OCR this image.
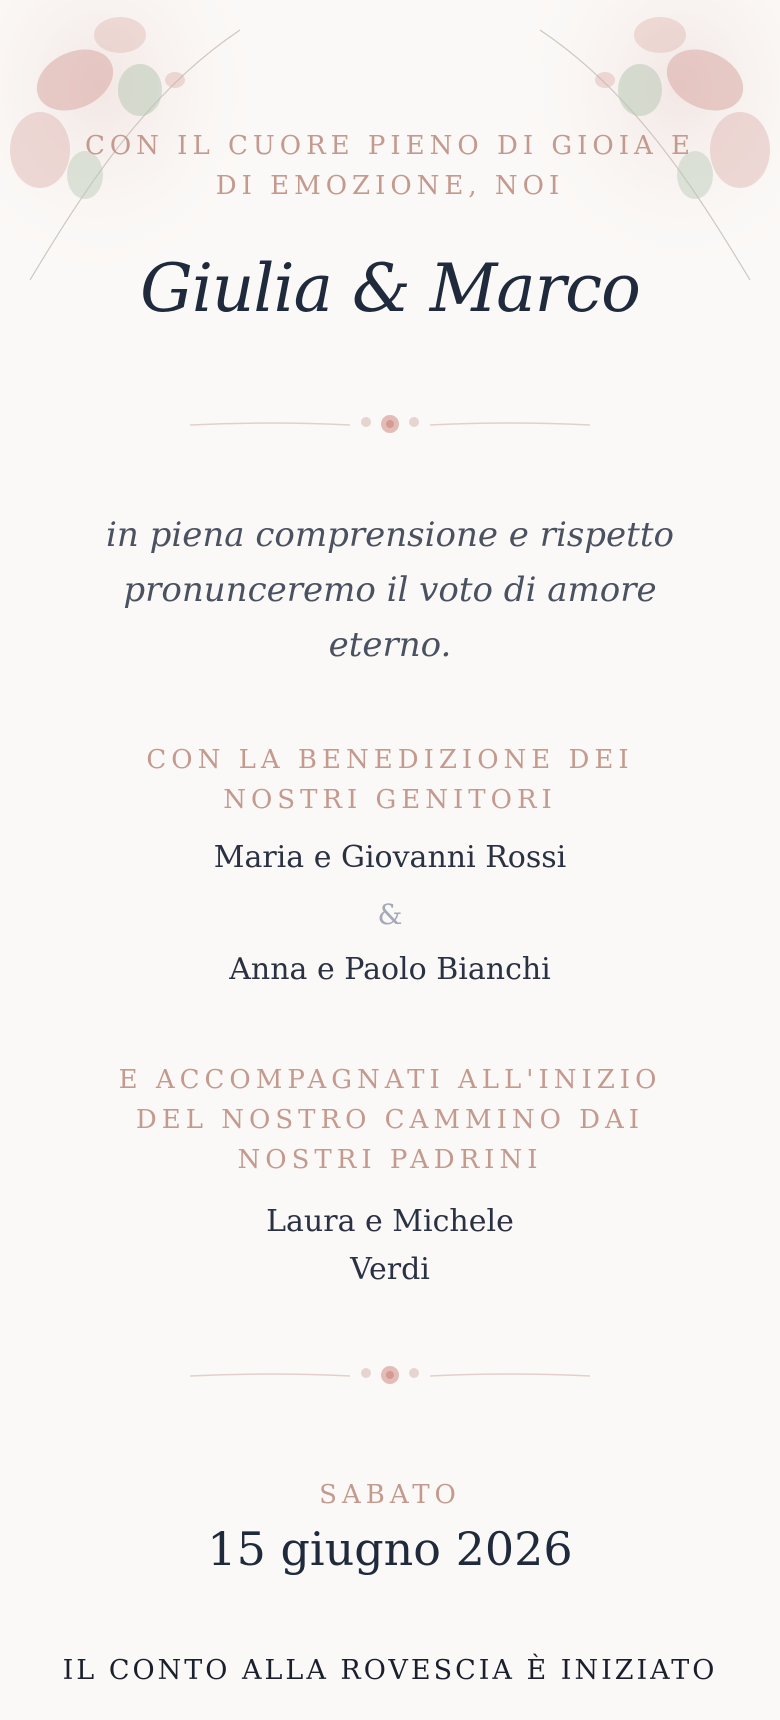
CON IL CUORE PIENO DI GIOIA E DI EMOZIONE, NOI
Giulia & Marco
in piena comprensione e rispetto pronunceremo il voto di amore eterno.
CON LA BENEDIZIONE DEI NOSTRI GENITORI
Maria e Giovanni Rossi
&
Anna e Paolo Bianchi
E ACCOMPAGNATI ALL'INIZIO DEL NOSTRO CAMMINO DAI NOSTRI PADRINI
Laura e Michele Verdi
SABATO
15 giugno 2026
IL CONTO ALLA ROVESCIA È INIZIATO
